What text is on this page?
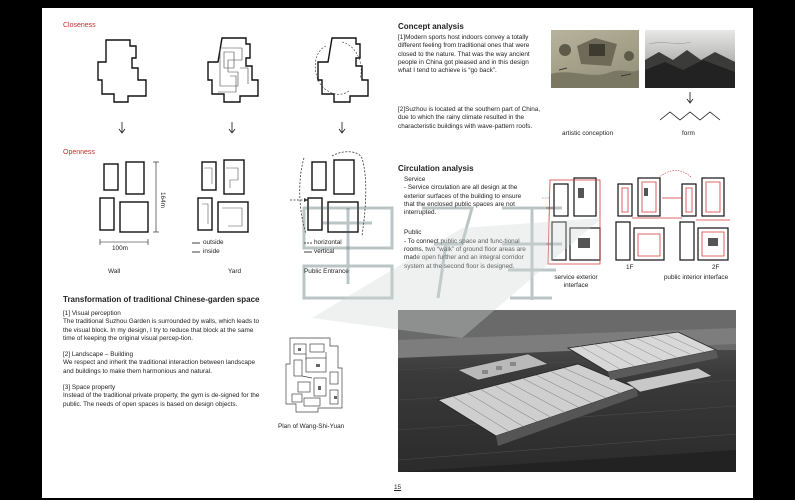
Closeness
Openness
100m
164m
outside
inside
horizontal
vertical
Wall	Yard	Public Entrance
Transformation of traditional Chinese-garden space
[1] Visual perception
The traditional Suzhou Garden is surrounded by walls, which leads to the visual block. In my design, I try to reduce that block at the same time of keeping the original visual percep-tion.
[2] Landscape – Building
We respect and inherit the traditional interaction between landscape and buildings to make them harmonious and natural.
[3] Space property
Instead of the traditional private property, the gym is de-signed for the public. The needs of open spaces is based on design objects.
Plan of Wang-Shi-Yuan
Concept analysis
[1]Modern sports host indoors convey a totally different feeling from traditional ones that were closed to the nature. That was the way ancient people in China got pleased and in this design what I tend to achieve is “go back”.
[2]Suzhou is located at the southern part of China, due to which the rainy climate resulted in the characteristic buildings with wave-pattern roofs.
artistic conception	form
Circulation analysis
Service
- Service circulation are all design at the exterior surfaces of the building to ensure that the enclosed public spaces are not interrupted.
Public
- To connect public space and func-tional rooms, two “walk” of ground floor areas are made open further and an integral corridor system at the second floor is designed.	1F	2F
service exterior interface
public interior interface
15
